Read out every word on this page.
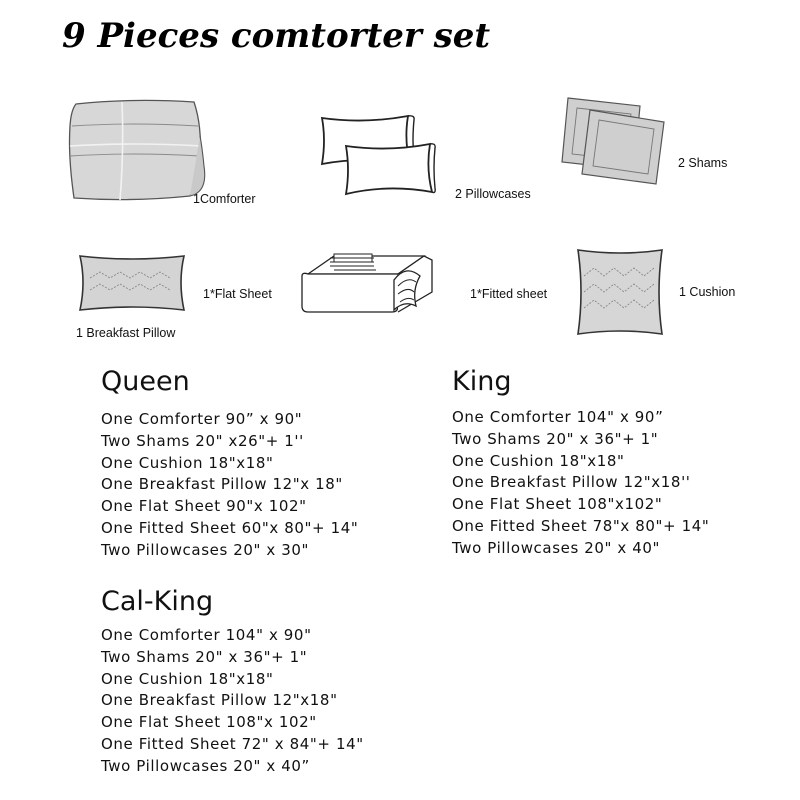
9 Pieces comtorter set
1Comforter	2 Pillowcases
2 Shams
1 Breakfast Pillow
1*Flat Sheet	1*Fitted sheet	1 Cushion
Queen
One Comforter 90” x 90"
Two Shams 20" x26"+ 1''
One Cushion 18"x18"
One Breakfast Pillow 12"x 18"
One Flat Sheet 90"x 102"
One Fitted Sheet 60"x 80"+ 14"
Two Pillowcases 20" x 30"
King
One Comforter 104" x 90”
Two Shams 20" x 36"+ 1"
One Cushion 18"x18"
One Breakfast Pillow 12"x18''
One Flat Sheet 108"x102"
One Fitted Sheet 78"x 80"+ 14"
Two Pillowcases 20" x 40"
Cal-King
One Comforter 104" x 90"
Two Shams 20" x 36"+ 1"
One Cushion 18"x18"
One Breakfast Pillow 12"x18"
One Flat Sheet 108"x 102"
One Fitted Sheet 72" x 84"+ 14"
Two Pillowcases 20" x 40”
